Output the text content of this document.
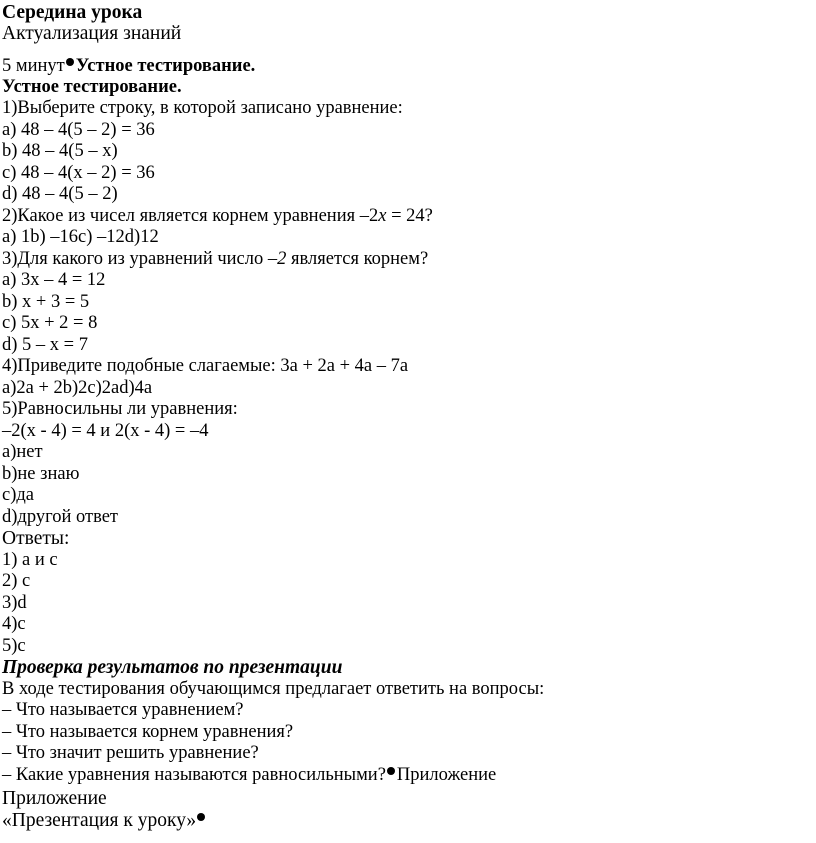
Середина урока
Актуализация знаний
5 минут Устное тестирование.
Устное тестирование.
1)Выберите строку, в которой записано уравнение:
a) 48 – 4(5 – 2) = 36
b) 48 – 4(5 – x)
c) 48 – 4(x – 2) = 36
d) 48 – 4(5 – 2)
2)Какое из чисел является корнем уравнения –2x = 24?
a) 1b) –16c) –12d)12
3)Для какого из уравнений число –2 является корнем?
a) 3x – 4 = 12
b) x + 3 = 5
c) 5x + 2 = 8
d) 5 – x = 7
4)Приведите подобные слагаемые: 3a + 2a + 4a – 7a
a)2a + 2b)2c)2ad)4a
5)Равносильны ли уравнения:
–2(x - 4) = 4 и 2(x - 4) = –4
a)нет
b)не знаю
c)да
d)другой ответ
Ответы:
1) a и c
2) c
3)d
4)c
5)c
Проверка результатов по презентации
В ходе тестирования обучающимся предлагает ответить на вопросы:
– Что называется уравнением?
– Что называется корнем уравнения?
– Что значит решить уравнение?
– Какие уравнения называются равносильными? Приложение
Приложение
«Презентация к уроку»
